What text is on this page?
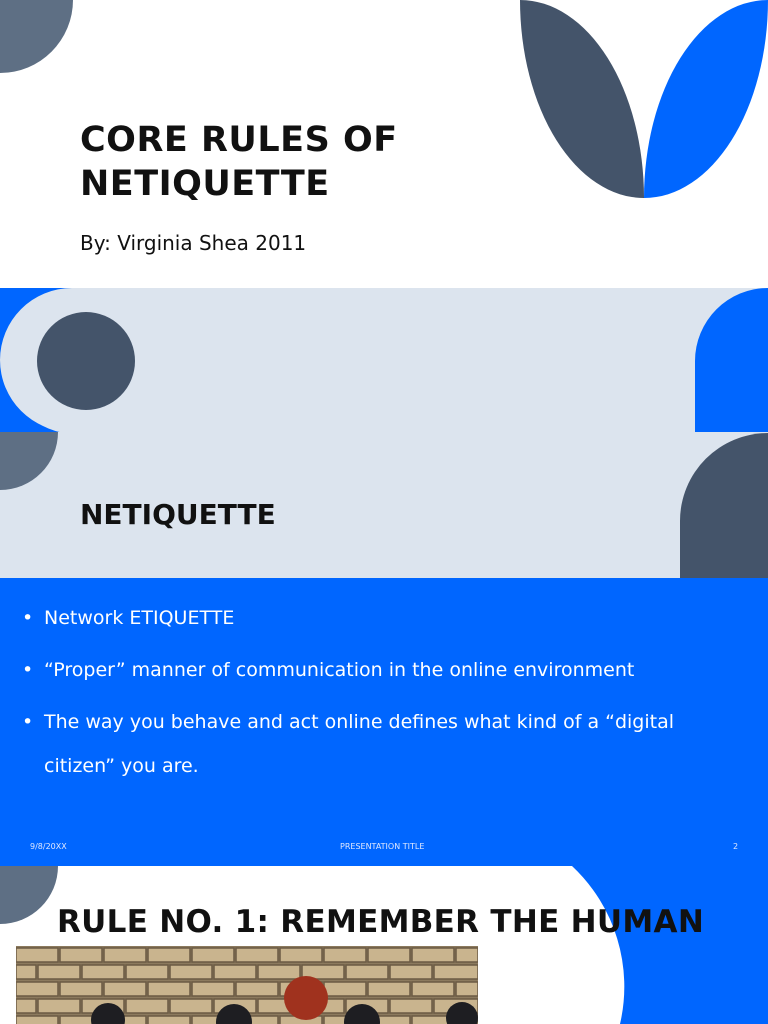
CORE RULES OF
NETIQUETTE
By: Virginia Shea 2011
NETIQUETTE
• Network ETIQUETTE
• “Proper” manner of communication in the online environment
• The way you behave and act online defines what kind of a “digital citizen” you are.
9/8/20XX	PRESENTATION TITLE	2
RULE NO. 1: REMEMBER THE HUMAN
